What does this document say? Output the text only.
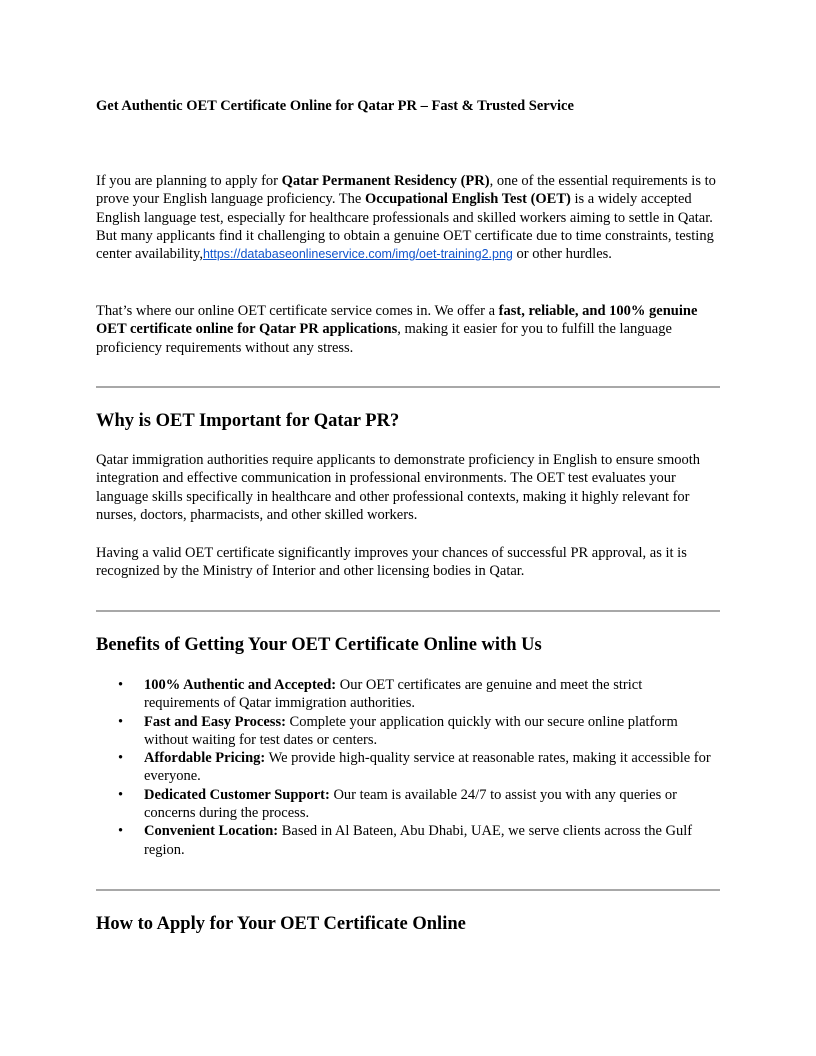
Get Authentic OET Certificate Online for Qatar PR – Fast & Trusted Service

If you are planning to apply for Qatar Permanent Residency (PR), one of the essential requirements is to prove your English language proficiency. The Occupational English Test (OET) is a widely accepted English language test, especially for healthcare professionals and skilled workers aiming to settle in Qatar. But many applicants find it challenging to obtain a genuine OET certificate due to time constraints, testing center availability,https://databaseonlineservice.com/img/oet-training2.png or other hurdles.

That’s where our online OET certificate service comes in. We offer a fast, reliable, and 100% genuine OET certificate online for Qatar PR applications, making it easier for you to fulfill the language proficiency requirements without any stress.

Why is OET Important for Qatar PR?

Qatar immigration authorities require applicants to demonstrate proficiency in English to ensure smooth integration and effective communication in professional environments. The OET test evaluates your language skills specifically in healthcare and other professional contexts, making it highly relevant for nurses, doctors, pharmacists, and other skilled workers.

Having a valid OET certificate significantly improves your chances of successful PR approval, as it is recognized by the Ministry of Interior and other licensing bodies in Qatar.

Benefits of Getting Your OET Certificate Online with Us
• 100% Authentic and Accepted: Our OET certificates are genuine and meet the strict requirements of Qatar immigration authorities.
• Fast and Easy Process: Complete your application quickly with our secure online platform without waiting for test dates or centers.
• Affordable Pricing: We provide high-quality service at reasonable rates, making it accessible for everyone.
• Dedicated Customer Support: Our team is available 24/7 to assist you with any queries or concerns during the process.
• Convenient Location: Based in Al Bateen, Abu Dhabi, UAE, we serve clients across the Gulf region.
How to Apply for Your OET Certificate Online
